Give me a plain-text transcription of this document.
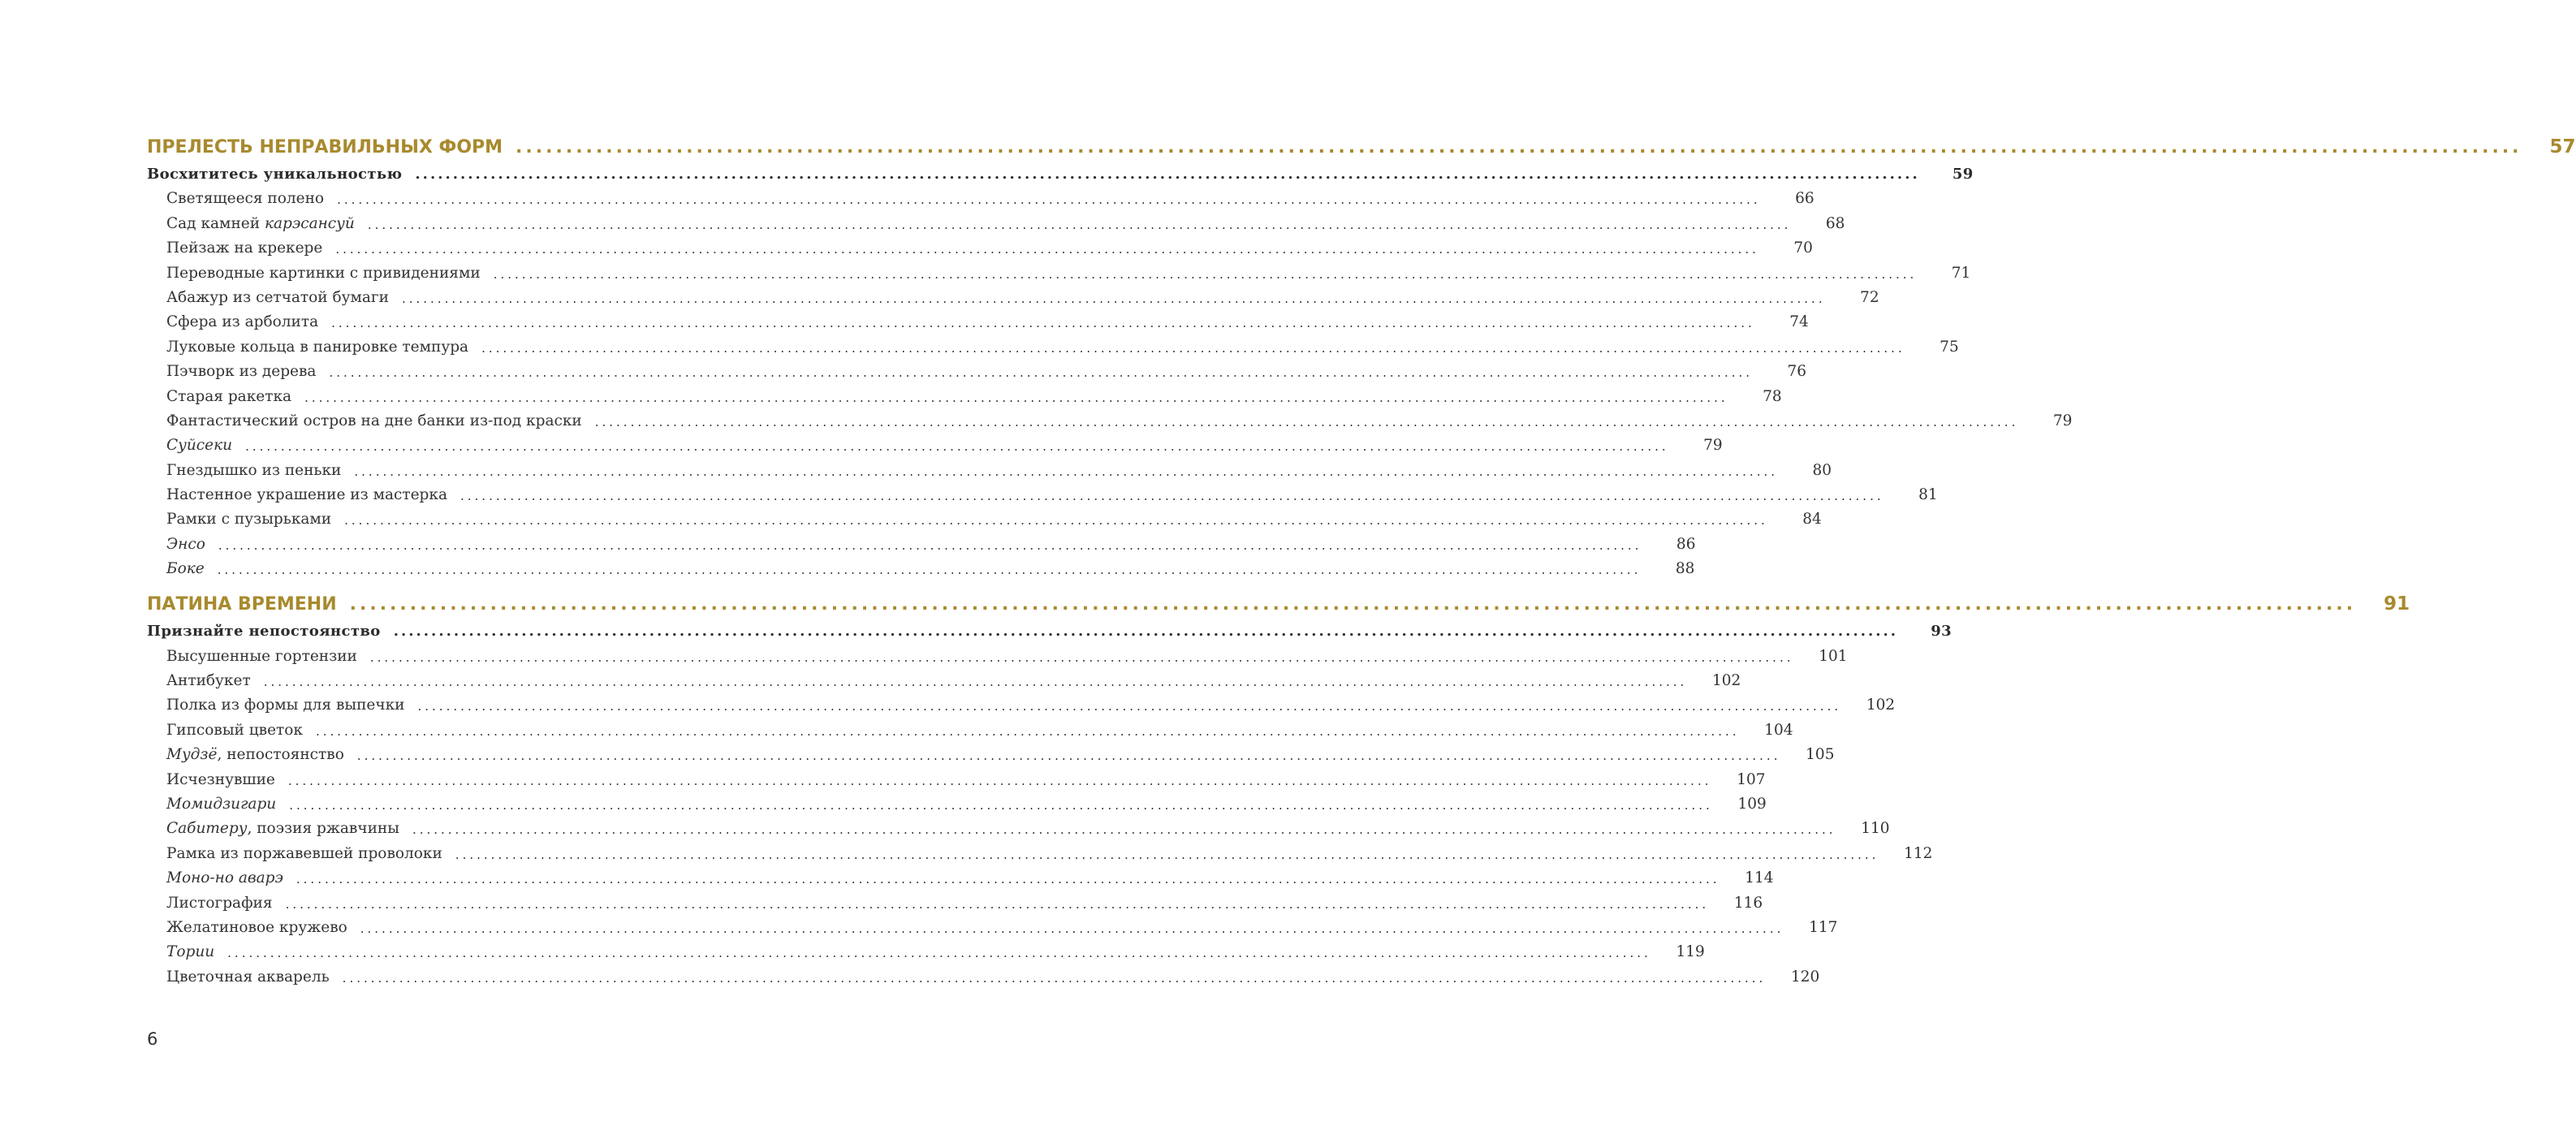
ПРЕЛЕСТЬ НЕПРАВИЛЬНЫХ ФОРМ ........................................................................................................................................................................................................	57
Восхититесь уникальностью ........................................................................................................................................................................................................	59
Светящееся полено ........................................................................................................................................................................................................	66
Сад камней карэсансуй ........................................................................................................................................................................................................	68
Пейзаж на крекере ........................................................................................................................................................................................................	70
Переводные картинки с привидениями ........................................................................................................................................................................................................	71
Абажур из сетчатой бумаги ........................................................................................................................................................................................................	72
Сфера из арболита ........................................................................................................................................................................................................	74
Луковые кольца в панировке темпура ........................................................................................................................................................................................................	75
Пэчворк из дерева ........................................................................................................................................................................................................	76
Старая ракетка ........................................................................................................................................................................................................	78
Фантастический остров на дне банки из-под краски ........................................................................................................................................................................................................	79
Суйсеки ........................................................................................................................................................................................................	79
Гнездышко из пеньки ........................................................................................................................................................................................................	80
Настенное украшение из мастерка ........................................................................................................................................................................................................	81
Рамки с пузырьками ........................................................................................................................................................................................................	84
Энсо ........................................................................................................................................................................................................	86
Боке ........................................................................................................................................................................................................	88
ПАТИНА ВРЕМЕНИ ........................................................................................................................................................................................................	91
Признайте непостоянство ........................................................................................................................................................................................................	93
Высушенные гортензии ........................................................................................................................................................................................................	101
Антибукет ........................................................................................................................................................................................................	102
Полка из формы для выпечки ........................................................................................................................................................................................................	102
Гипсовый цветок ........................................................................................................................................................................................................	104
Мудзё, непостоянство ........................................................................................................................................................................................................	105
Исчезнувшие ........................................................................................................................................................................................................	107
Момидзигари ........................................................................................................................................................................................................	109
Сабитеру, поэзия ржавчины ........................................................................................................................................................................................................	110
Рамка из поржавевшей проволоки ........................................................................................................................................................................................................	112
Моно-но аварэ ........................................................................................................................................................................................................	114
Листография ........................................................................................................................................................................................................	116
Желатиновое кружево ........................................................................................................................................................................................................	117
Тории ........................................................................................................................................................................................................	119
Цветочная акварель ........................................................................................................................................................................................................	120
6
